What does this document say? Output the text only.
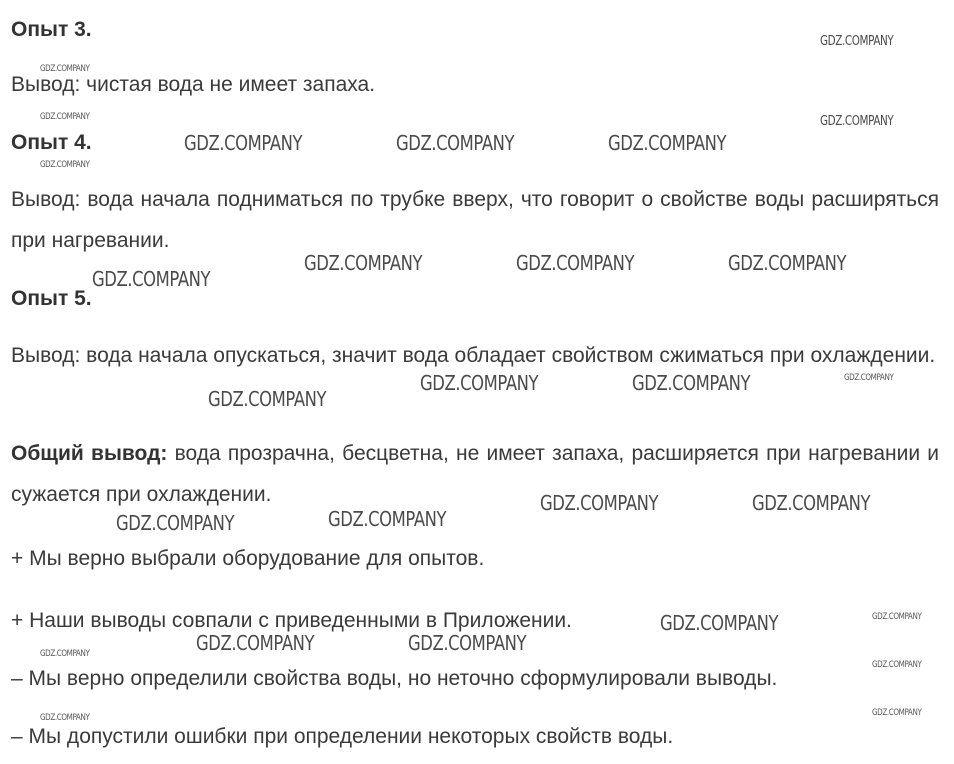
Опыт 3.
Вывод: чистая вода не имеет запаха.
Опыт 4.
Вывод: вода начала подниматься по трубке вверх, что говорит о свойстве воды расширяться при нагревании.
Опыт 5.
Вывод: вода начала опускаться, значит вода обладает свойством сжиматься при охлаждении.
Общий вывод: вода прозрачна, бесцветна, не имеет запаха, расширяется при нагревании и сужается при охлаждении.
+ Мы верно выбрали оборудование для опытов.
+ Наши выводы совпали с приведенными в Приложении.
– Мы верно определили свойства воды, но неточно сформулировали выводы.
– Мы допустили ошибки при определении некоторых свойств воды.
GDZ.COMPANY	GDZ.COMPANY	GDZ.COMPANY
GDZ.COMPANY	GDZ.COMPANY	GDZ.COMPANY
GDZ.COMPANY
GDZ.COMPANY	GDZ.COMPANY
GDZ.COMPANY
GDZ.COMPANY	GDZ.COMPANY
GDZ.COMPANY
GDZ.COMPANY
GDZ.COMPANY
GDZ.COMPANY	GDZ.COMPANY
GDZ.COMPANY
GDZ.COMPANY
GDZ.COMPANY
GDZ.COMPANY
GDZ.COMPANY
GDZ.COMPANY
GDZ.COMPANY
GDZ.COMPANY
GDZ.COMPANY
GDZ.COMPANY
GDZ.COMPANY
